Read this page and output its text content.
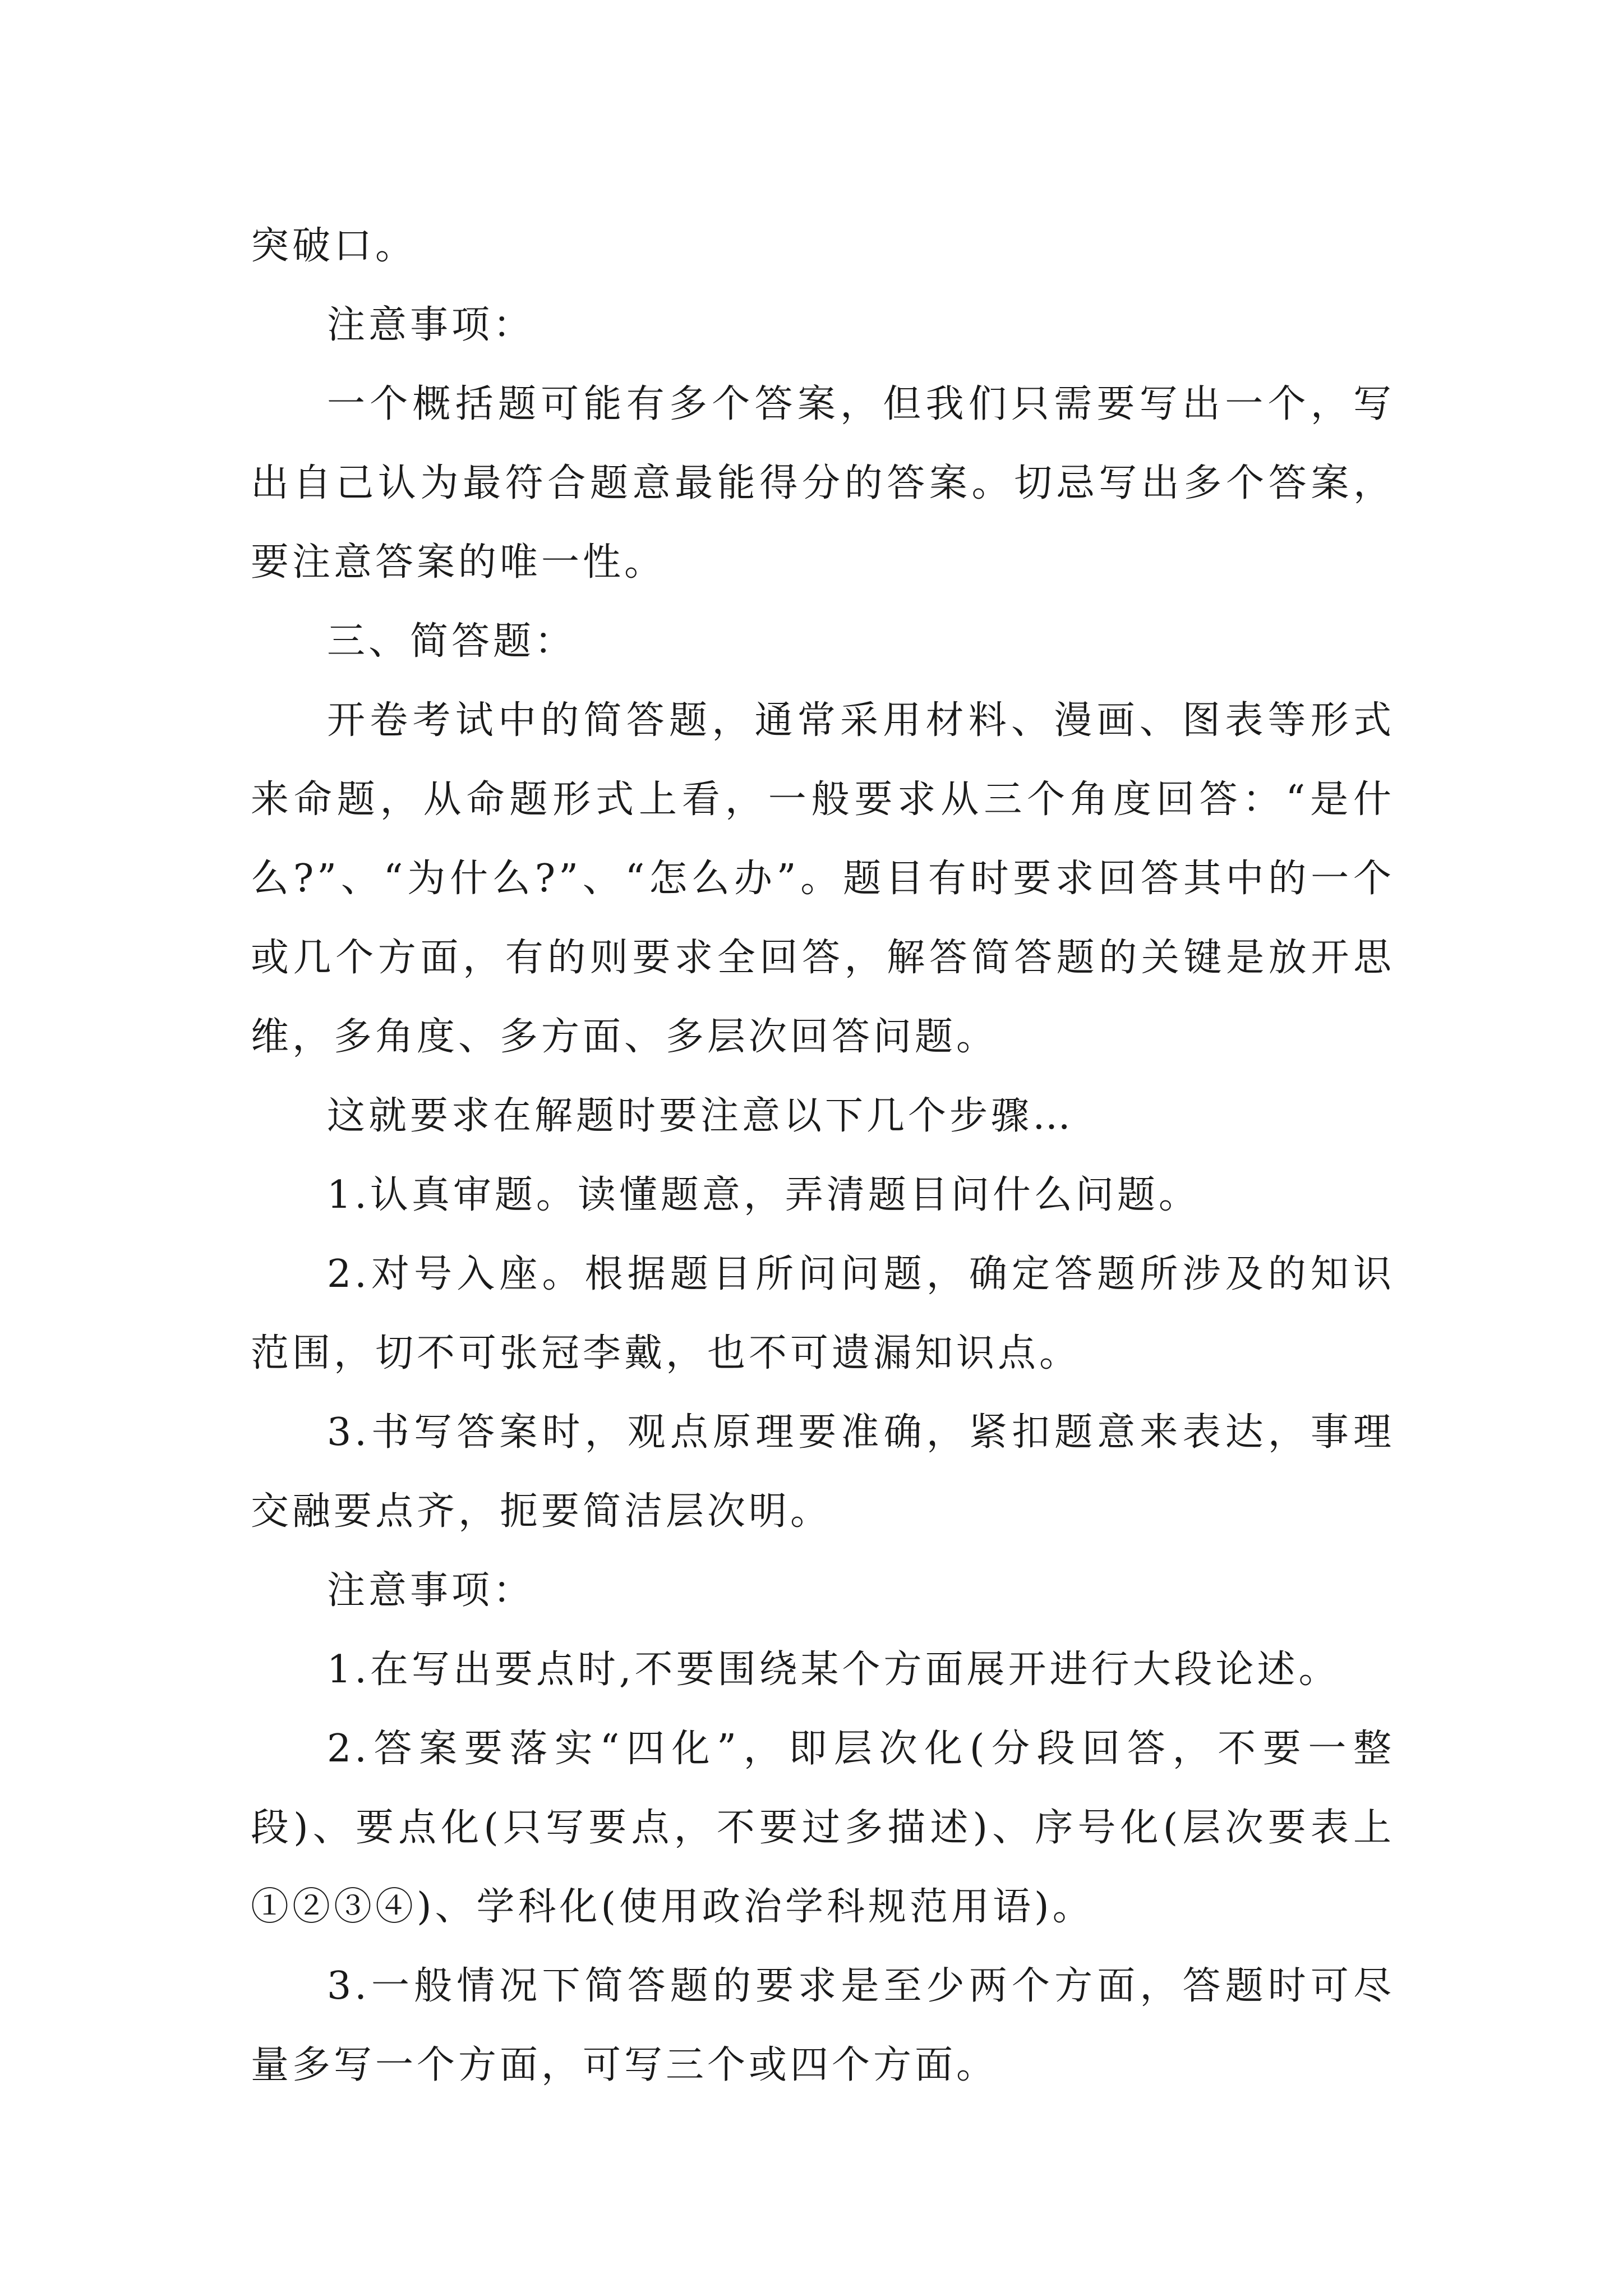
突破口。

注意事项：

一个概括题可能有多个答案，但我们只需要写出一个，写出自己认为最符合题意最能得分的答案。切忌写出多个答案，要注意答案的唯一性。

三、简答题：

开卷考试中的简答题，通常采用材料、漫画、图表等形式来命题，从命题形式上看，一般要求从三个角度回答：“是什么?”、“为什么?”、“怎么办”。题目有时要求回答其中的一个或几个方面，有的则要求全回答，解答简答题的关键是放开思维，多角度、多方面、多层次回答问题。

这就要求在解题时要注意以下几个步骤…

1.认真审题。读懂题意，弄清题目问什么问题。

2.对号入座。根据题目所问问题，确定答题所涉及的知识范围，切不可张冠李戴，也不可遗漏知识点。

3.书写答案时，观点原理要准确，紧扣题意来表达，事理交融要点齐，扼要简洁层次明。

注意事项：

1.在写出要点时,不要围绕某个方面展开进行大段论述。

2.答案要落实“四化”，即层次化(分段回答，不要一整段)、要点化(只写要点，不要过多描述)、序号化(层次要表上①②③④)、学科化(使用政治学科规范用语)。

3.一般情况下简答题的要求是至少两个方面，答题时可尽量多写一个方面，可写三个或四个方面。
